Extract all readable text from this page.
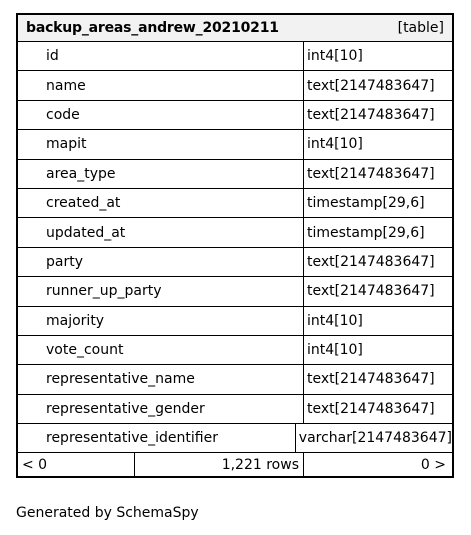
backup_areas_andrew_20210211	[table]
id	int4[10]
name	text[2147483647]
code	text[2147483647]
mapit	int4[10]
area_type	text[2147483647]
created_at	timestamp[29,6]
updated_at	timestamp[29,6]
party	text[2147483647]
runner_up_party	text[2147483647]
majority	int4[10]
vote_count	int4[10]
representative_name	text[2147483647]
representative_gender	text[2147483647]
representative_identifier	varchar[2147483647]
< 0	1,221 rows	0 >
Generated by SchemaSpy
